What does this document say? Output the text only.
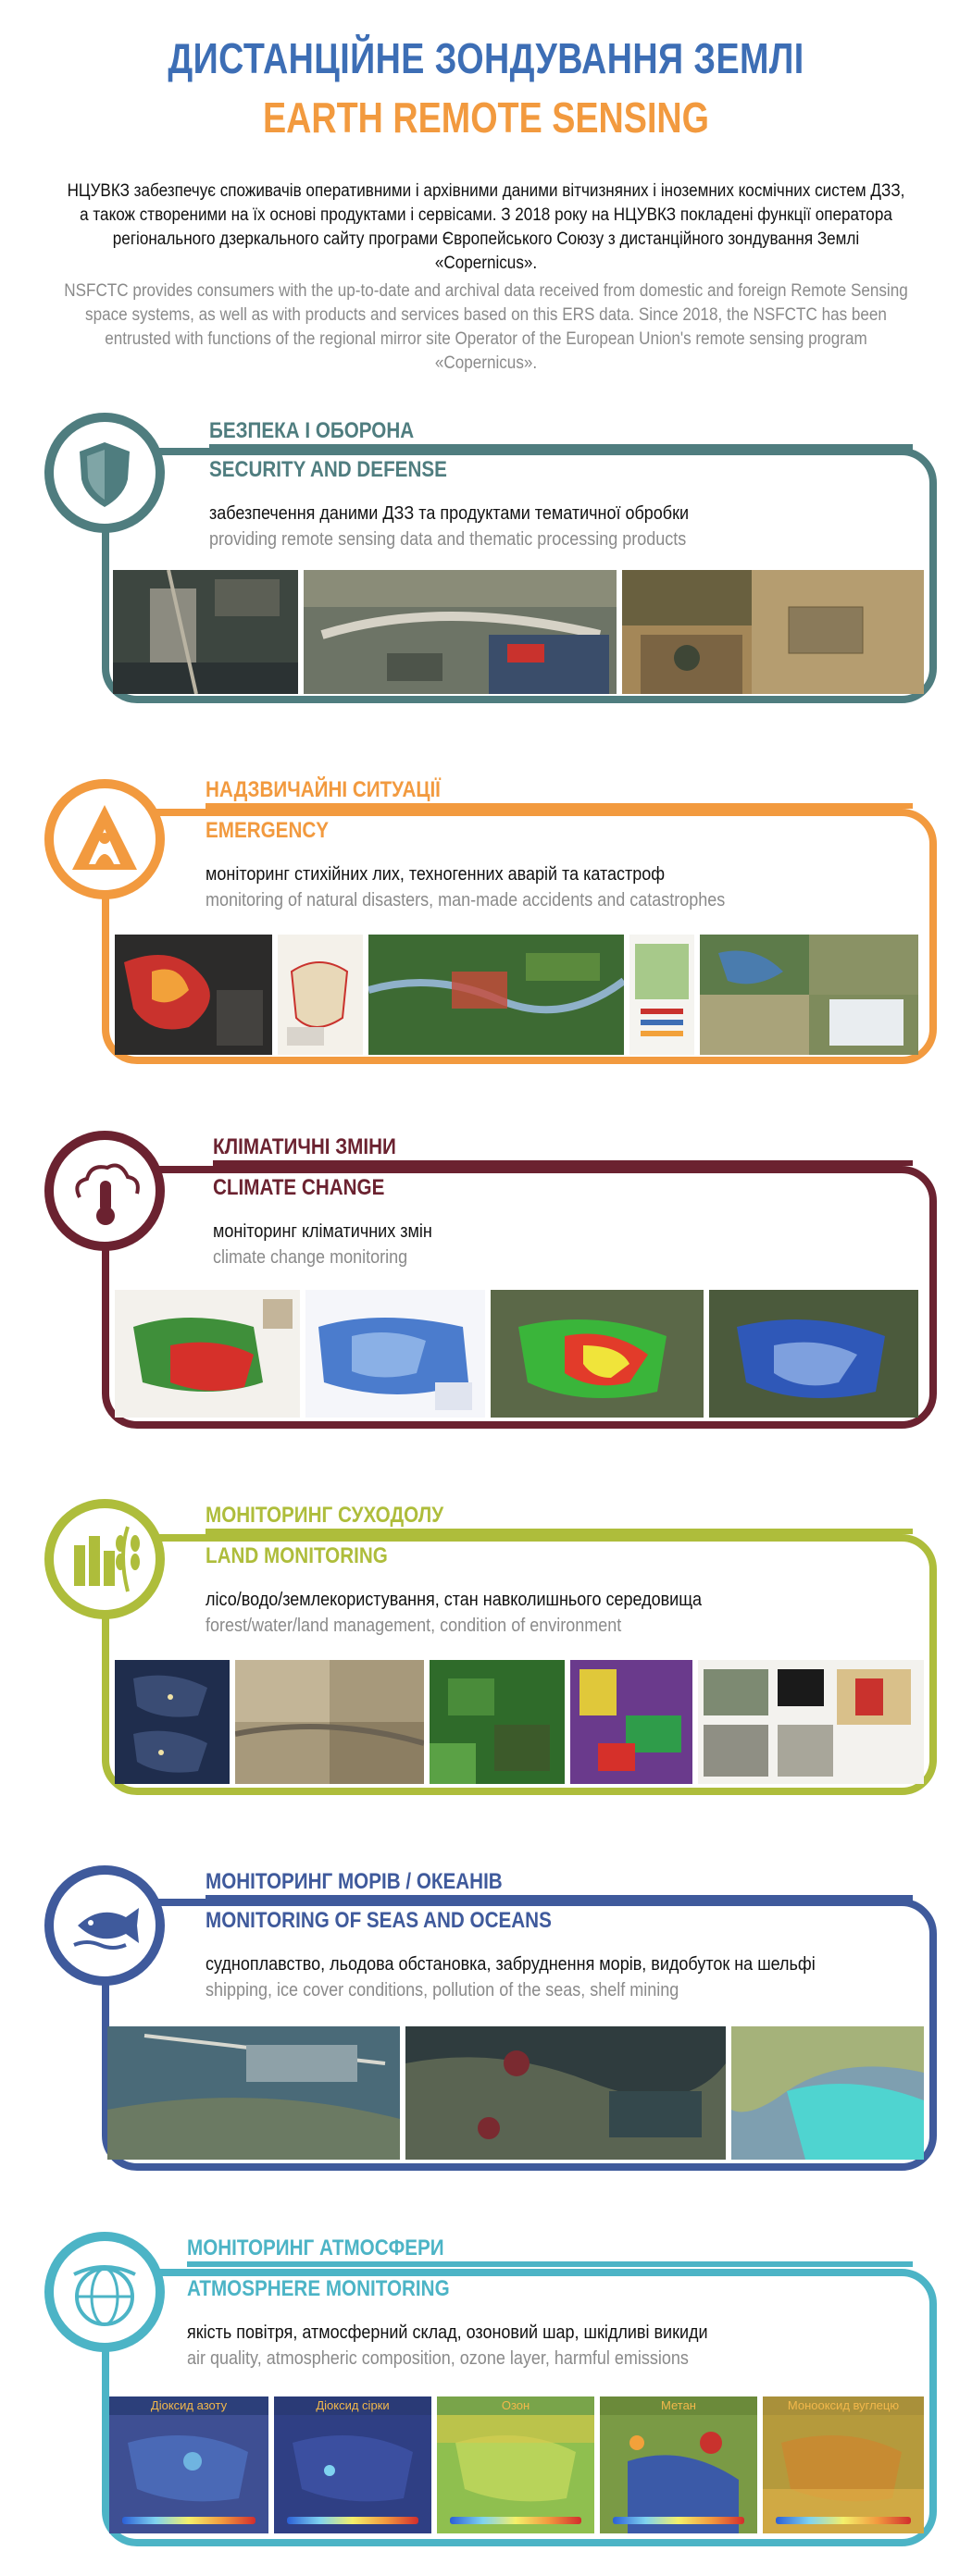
ДИСТАНЦІЙНЕ ЗОНДУВАННЯ ЗЕМЛІ
EARTH REMOTE SENSING
НЦУВКЗ забезпечує споживачів оперативними і архівними даними вітчизняних і іноземних космічних систем ДЗЗ, а також створеними на їх основі продуктами і сервісами. З 2018 року на НЦУВКЗ покладені функції оператора регіонального дзеркального сайту програми Європейського Союзу з дистанційного зондування Землі «Copernicus».
NSFCTC provides consumers with the up-to-date and archival data received from domestic and foreign Remote Sensing space systems, as well as with products and services based on this ERS data. Since 2018, the NSFCTC has been entrusted with functions of the regional mirror site Operator of the European Union's remote sensing program «Copernicus».
БЕЗПЕКА І ОБОРОНА
SECURITY AND DEFENSE
забезпечення даними ДЗЗ та продуктами тематичної обробки
providing remote sensing data and thematic processing products
НАДЗВИЧАЙНІ СИТУАЦІЇ
EMERGENCY
моніторинг стихійних лих, техногенних аварій та катастроф
monitoring of natural disasters, man-made accidents and catastrophes
КЛІМАТИЧНІ ЗМІНИ
CLIMATE CHANGE
моніторинг кліматичних змін
climate change monitoring
МОНІТОРИНГ СУХОДОЛУ
LAND MONITORING
лісо/водо/землекористування, стан навколишнього середовища
forest/water/land management, condition of environment
МОНІТОРИНГ МОРІВ / ОКЕАНІВ
MONITORING OF SEAS AND OCEANS
судноплавство, льодова обстановка, забруднення морів, видобуток на шельфі
shipping, ice cover conditions, pollution of the seas, shelf mining
МОНІТОРИНГ АТМОСФЕРИ
ATMOSPHERE MONITORING
якість повітря, атмосферний склад, озоновий шар, шкідливі викиди
air quality, atmospheric composition, ozone layer, harmful emissions
Діоксид азоту	Діоксид сірки	Озон	Метан	Монооксид вуглецю
